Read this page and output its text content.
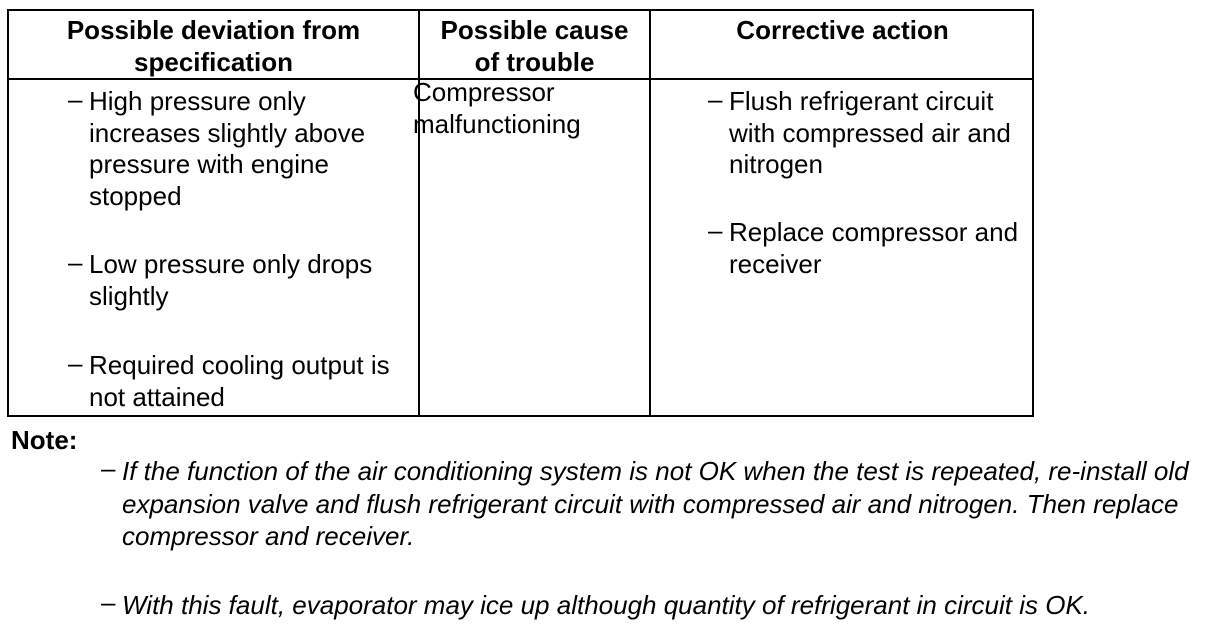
Possible deviation from
specification
Possible cause
of trouble
Corrective action
– High pressure only increases slightly above pressure with engine stopped
– Low pressure only drops slightly
– Required cooling output is not attained
Compressor malfunctioning
– Flush refrigerant circuit with compressed air and nitrogen
– Replace compressor and receiver
Note:
– If the function of the air conditioning system is not OK when the test is repeated, re-install old expansion valve and flush refrigerant circuit with compressed air and nitrogen. Then replace compressor and receiver.
– With this fault, evaporator may ice up although quantity of refrigerant in circuit is OK.
